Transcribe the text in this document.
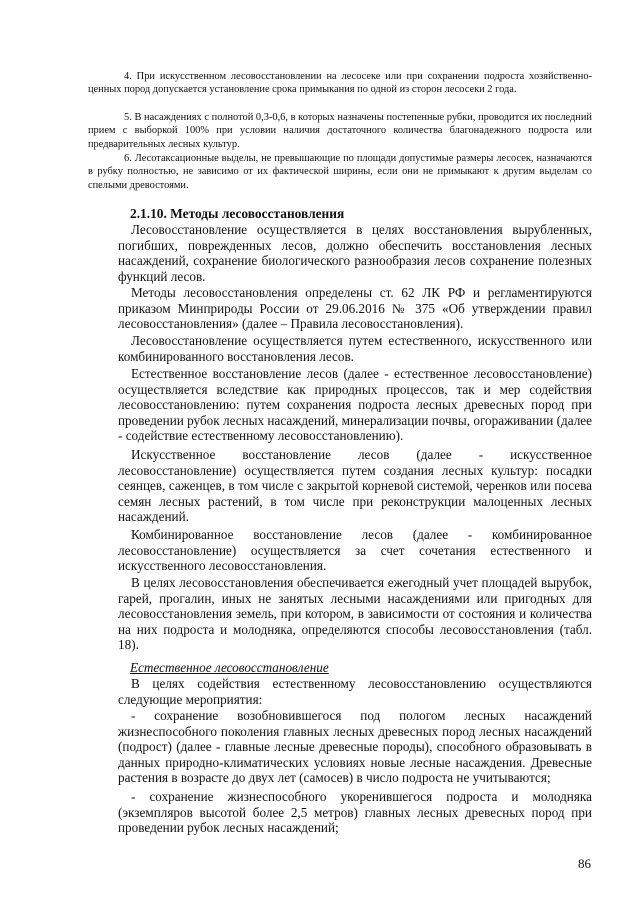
4. При искусственном лесовосстановлении на лесосеке или при сохранении подроста хозяйственно-ценных пород допускается установление срока примыкания по одной из сторон лесосеки 2 года.
5. В насаждениях с полнотой 0,3-0,6, в которых назначены постепенные рубки, проводится их последний прием с выборкой 100% при условии наличия достаточного количества благонадежного подроста или предварительных лесных культур.
6. Лесотаксационные выделы, не превышающие по площади допустимые размеры лесосек, назначаются в рубку полностью, не зависимо от их фактической ширины, если они не примыкают к другим выделам со спелыми древостоями.
2.1.10. Методы лесовосстановления
Лесовосстановление осуществляется в целях восстановления вырубленных, погибших, поврежденных лесов, должно обеспечить восстановления лесных насаждений, сохранение биологического разнообразия лесов сохранение полезных функций лесов.
Методы лесовосстановления определены ст. 62 ЛК РФ и регламентируются приказом Минприроды России от 29.06.2016 № 375 «Об утверждении правил лесовосстановления» (далее – Правила лесовосстановления).
Лесовосстановление осуществляется путем естественного, искусственного или комбинированного восстановления лесов.
Естественное восстановление лесов (далее - естественное лесовосстановление) осуществляется вследствие как природных процессов, так и мер содействия лесовосстановлению: путем сохранения подроста лесных древесных пород при проведении рубок лесных насаждений, минерализации почвы, огораживании (далее - содействие естественному лесовосстановлению).
Искусственное восстановление лесов (далее - искусственное лесовосстановление) осуществляется путем создания лесных культур: посадки сеянцев, саженцев, в том числе с закрытой корневой системой, черенков или посева семян лесных растений, в том числе при реконструкции малоценных лесных насаждений.
Комбинированное восстановление лесов (далее - комбинированное лесовосстановление) осуществляется за счет сочетания естественного и искусственного лесовосстановления.
В целях лесовосстановления обеспечивается ежегодный учет площадей вырубок, гарей, прогалин, иных не занятых лесными насаждениями или пригодных для лесовосстановления земель, при котором, в зависимости от состояния и количества на них подроста и молодняка, определяются способы лесовосстановления (табл. 18).
Естественное лесовосстановление
В целях содействия естественному лесовосстановлению осуществляются следующие мероприятия:
- сохранение возобновившегося под пологом лесных насаждений жизнеспособного поколения главных лесных древесных пород лесных насаждений (подрост) (далее - главные лесные древесные породы), способного образовывать в данных природно-климатических условиях новые лесные насаждения. Древесные растения в возрасте до двух лет (самосев) в число подроста не учитываются;
- сохранение жизнеспособного укоренившегося подроста и молодняка (экземпляров высотой более 2,5 метров) главных лесных древесных пород при проведении рубок лесных насаждений;
86
